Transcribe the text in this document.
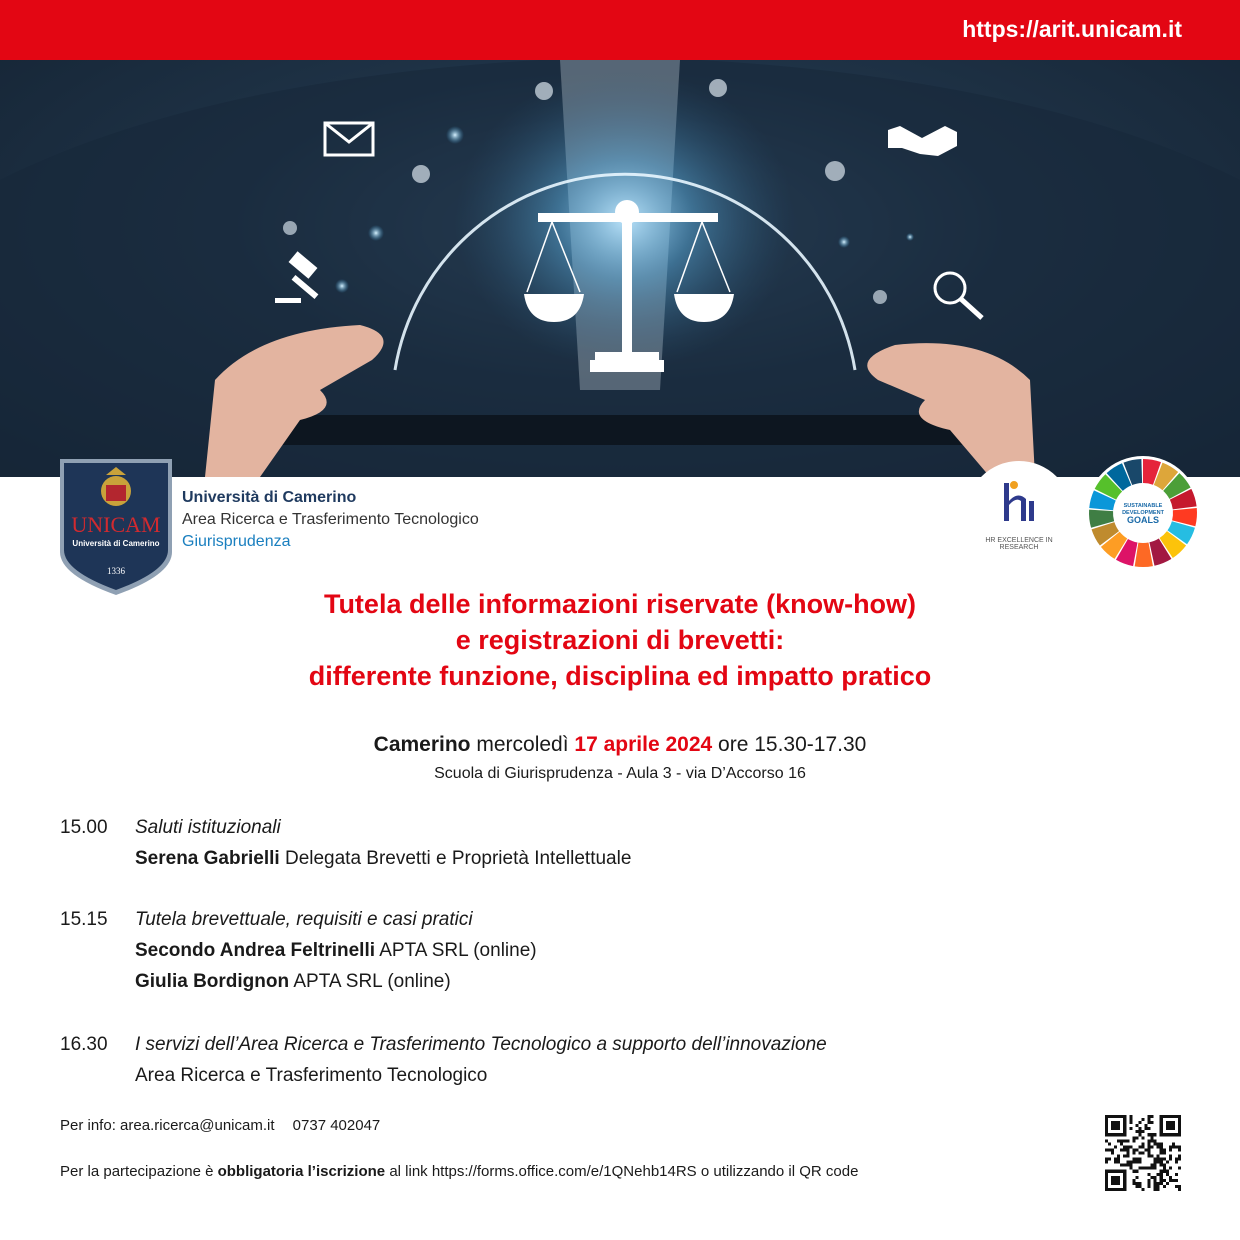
https://arit.unicam.it
UNICAM
Università di Camerino
1336
Università di Camerino
Area Ricerca e Trasferimento Tecnologico
Giurisprudenza	HR EXCELLENCE IN RESEARCH
SUSTAINABLE
DEVELOPMENT
GOALS
Tutela delle informazioni riservate (know-how)
e registrazioni di brevetti:
differente funzione, disciplina ed impatto pratico
Camerino mercoledì 17 aprile 2024 ore 15.30-17.30
Scuola di Giurisprudenza - Aula 3 - via D’Accorso 16
15.00	Saluti istituzionali
Serena Gabrielli Delegata Brevetti e Proprietà Intellettuale
15.15	Tutela brevettuale, requisiti e casi pratici
Secondo Andrea Feltrinelli APTA SRL (online)
Giulia Bordignon APTA SRL (online)
16.30	I servizi dell’Area Ricerca e Trasferimento Tecnologico a supporto dell’innovazione
Area Ricerca e Trasferimento Tecnologico
Per info: area.ricerca@unicam.it 0737 402047
Per la partecipazione è obbligatoria l’iscrizione al link https://forms.office.com/e/1QNehb14RS o utilizzando il QR code
